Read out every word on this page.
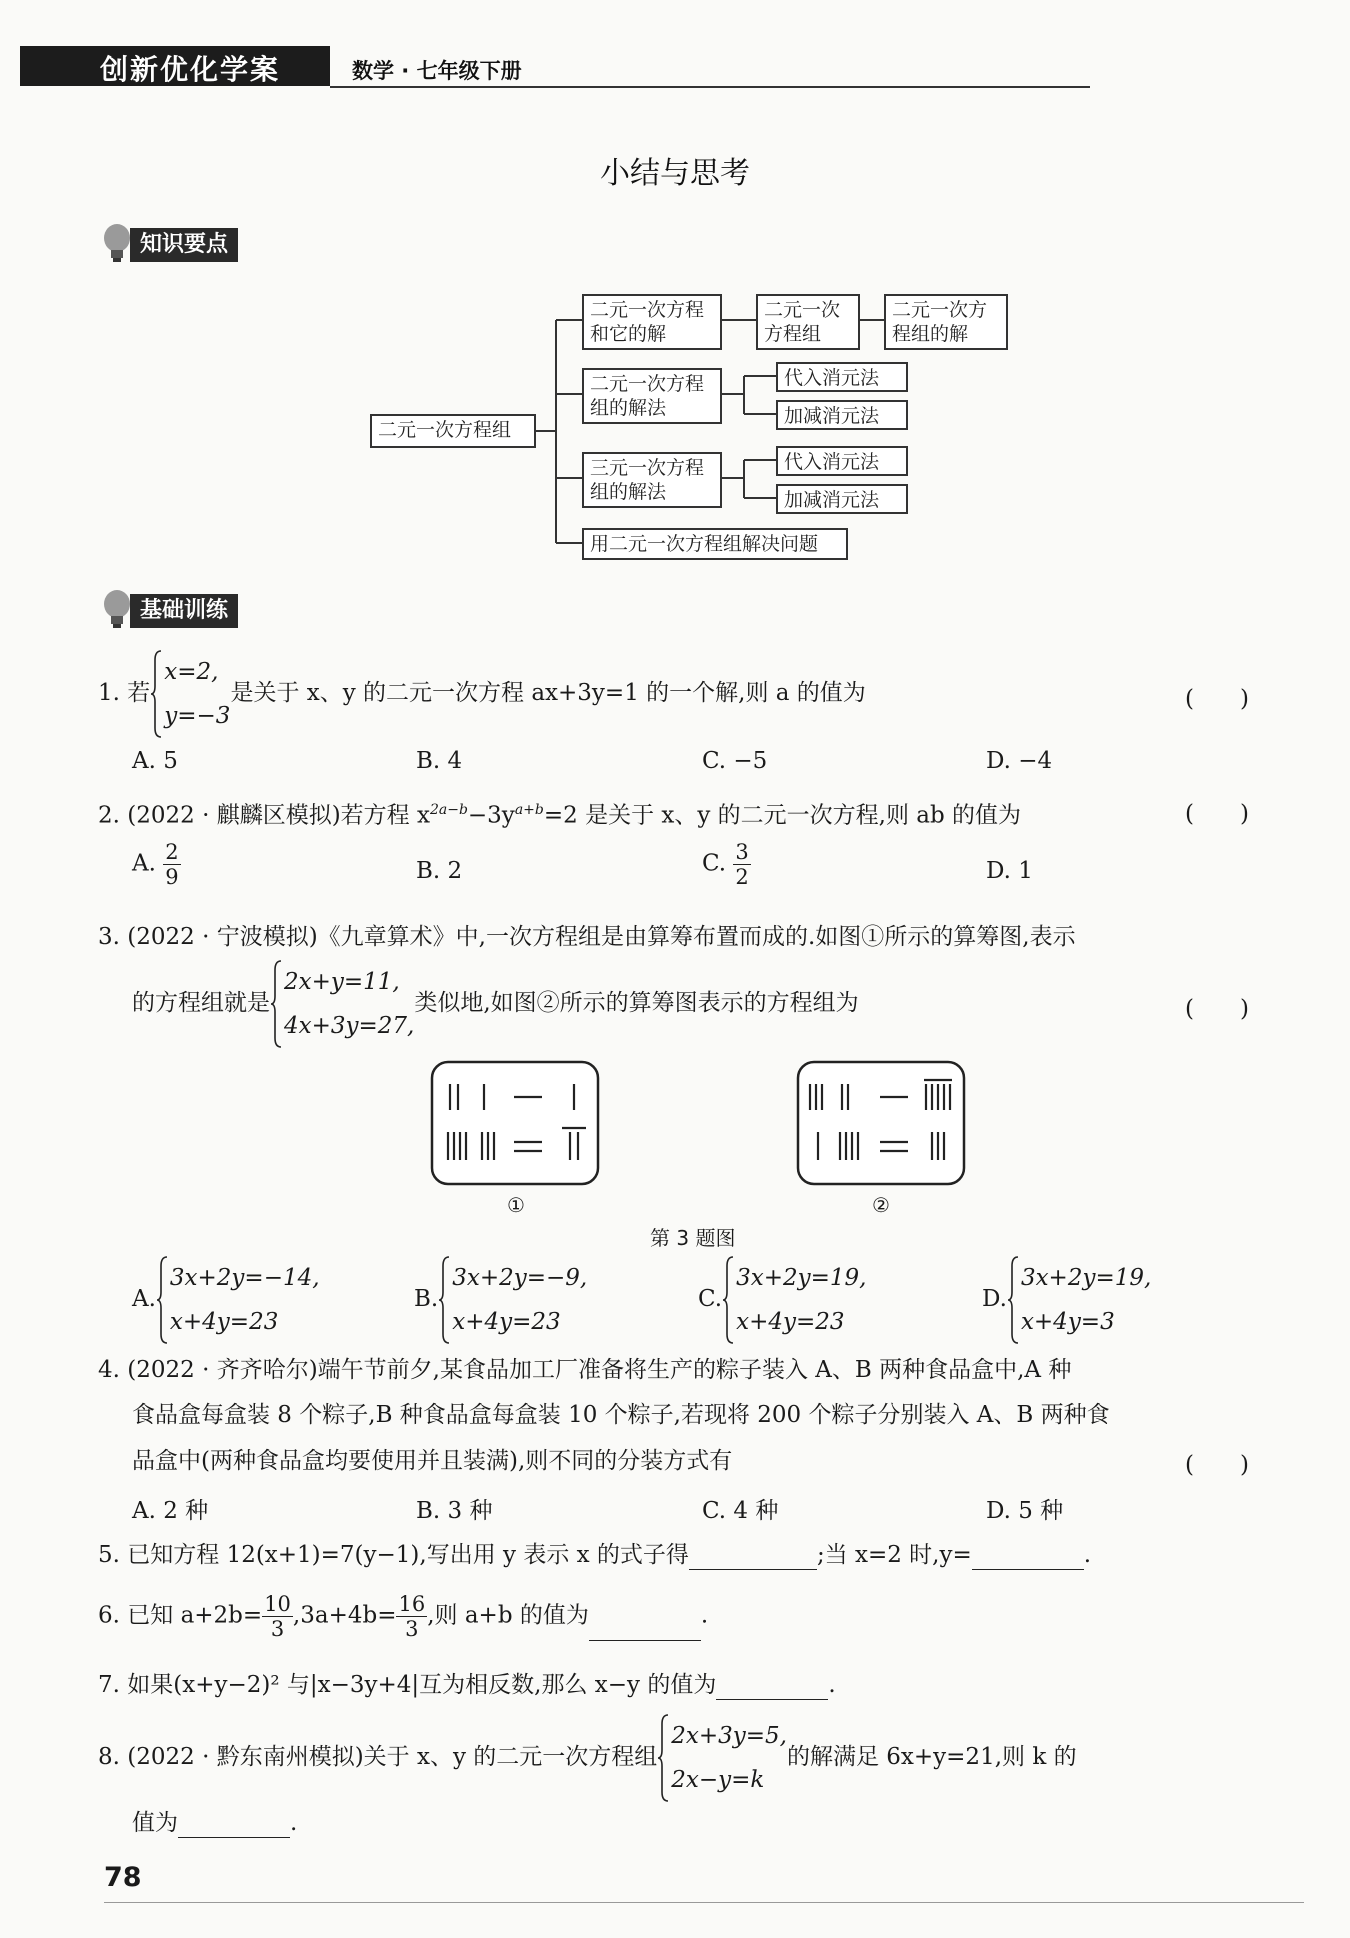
创新优化学案	数学 · 七年级下册
小结与思考
知识要点
二元一次方程组
二元一次方程
和它的解
二元一次
方程组
二元一次方
程组的解
二元一次方程
组的解法
代入消元法
加减消元法
三元一次方程
组的解法
代入消元法
加减消元法
用二元一次方程组解决问题
基础训练
1. 若
x=2,
y=−3
是关于 x、y 的二元一次方程 ax+3y=1 的一个解,则 a 的值为	(　　)
A. 5	B. 4	C. −5	D. −4
2. (2022 · 麒麟区模拟)若方程 $x^{2a-b}-3y^{a+b}=2$ 是关于 x、y 的二元一次方程,则 ab 的值为	(　　)
A. $\frac{2}{9}$	B. 2	C. $\frac{3}{2}$	D. 1
3. (2022 · 宁波模拟)《九章算术》中,一次方程组是由算筹布置而成的.如图①所示的算筹图,表示
的方程组就是
2x+y=11,
4x+3y=27,
类似地,如图②所示的算筹图表示的方程组为	(　　)
①	②
第 3 题图
A.
3x+2y=−14,
x+4y=23
B.
3x+2y=−9,
x+4y=23
C.
3x+2y=19,
x+4y=23
D.
3x+2y=19,
x+4y=3
4. (2022 · 齐齐哈尔)端午节前夕,某食品加工厂准备将生产的粽子装入 A、B 两种食品盒中,A 种
食品盒每盒装 8 个粽子,B 种食品盒每盒装 10 个粽子,若现将 200 个粽子分别装入 A、B 两种食
品盒中(两种食品盒均要使用并且装满),则不同的分装方式有	(　　)
A. 2 种	B. 3 种	C. 4 种	D. 5 种
5. 已知方程 12(x+1)=7(y−1),写出用 y 表示 x 的式子得	;当 x=2 时,y=	.
6. 已知 $a+2b= \frac{10}{3} ,3a+4b= \frac{16}{3}$ ,则 a+b 的值为	.
7. 如果(x+y−2)² 与|x−3y+4|互为相反数,那么 x−y 的值为	.
8. (2022 · 黔东南州模拟)关于 x、y 的二元一次方程组
2x+3y=5,
2x−y=k
的解满足 6x+y=21,则 k 的
值为	.
78
